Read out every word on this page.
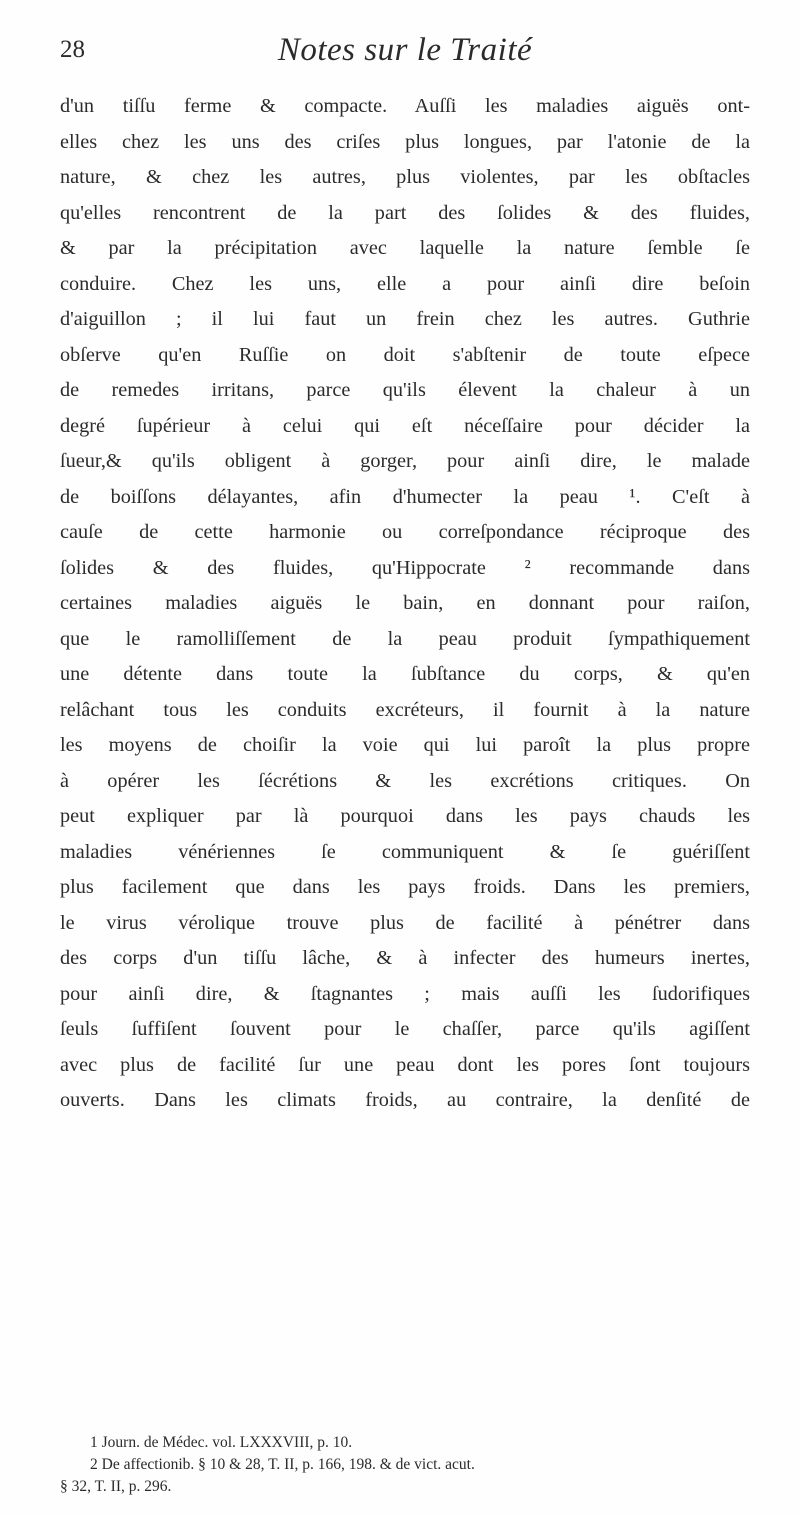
28	Notes sur le Traité
d'un tiſſu ferme & compacte. Auſſi les maladies aiguës ont-
elles chez les uns des criſes plus longues, par l'atonie de la
nature, & chez les autres, plus violentes, par les obſtacles
qu'elles rencontrent de la part des ſolides & des fluides,
& par la précipitation avec laquelle la nature ſemble ſe
conduire. Chez les uns, elle a pour ainſi dire beſoin
d'aiguillon ; il lui faut un frein chez les autres. Guthrie
obſerve qu'en Ruſſie on doit s'abſtenir de toute eſpece
de remedes irritans, parce qu'ils élevent la chaleur à un
degré ſupérieur à celui qui eſt néceſſaire pour décider la
ſueur,& qu'ils obligent à gorger, pour ainſi dire, le malade
de boiſſons délayantes, afin d'humecter la peau ¹. C'eſt à
cauſe de cette harmonie ou correſpondance réciproque des
ſolides & des fluides, qu'Hippocrate ² recommande dans
certaines maladies aiguës le bain, en donnant pour raiſon,
que le ramolliſſement de la peau produit ſympathiquement
une détente dans toute la ſubſtance du corps, & qu'en
relâchant tous les conduits excréteurs, il fournit à la nature
les moyens de choiſir la voie qui lui paroît la plus propre
à opérer les ſécrétions & les excrétions critiques. On
peut expliquer par là pourquoi dans les pays chauds les
maladies vénériennes ſe communiquent & ſe guériſſent
plus facilement que dans les pays froids. Dans les premiers,
le virus vérolique trouve plus de facilité à pénétrer dans
des corps d'un tiſſu lâche, & à infecter des humeurs inertes,
pour ainſi dire, & ſtagnantes ; mais auſſi les ſudorifiques
ſeuls ſuffiſent ſouvent pour le chaſſer, parce qu'ils agiſſent
avec plus de facilité ſur une peau dont les pores ſont toujours
ouverts. Dans les climats froids, au contraire, la denſité de
1 Journ. de Médec. vol. LXXXVIII, p. 10.
2 De affectionib. § 10 & 28, T. II, p. 166, 198. & de vict. acut.
§ 32, T. II, p. 296.
